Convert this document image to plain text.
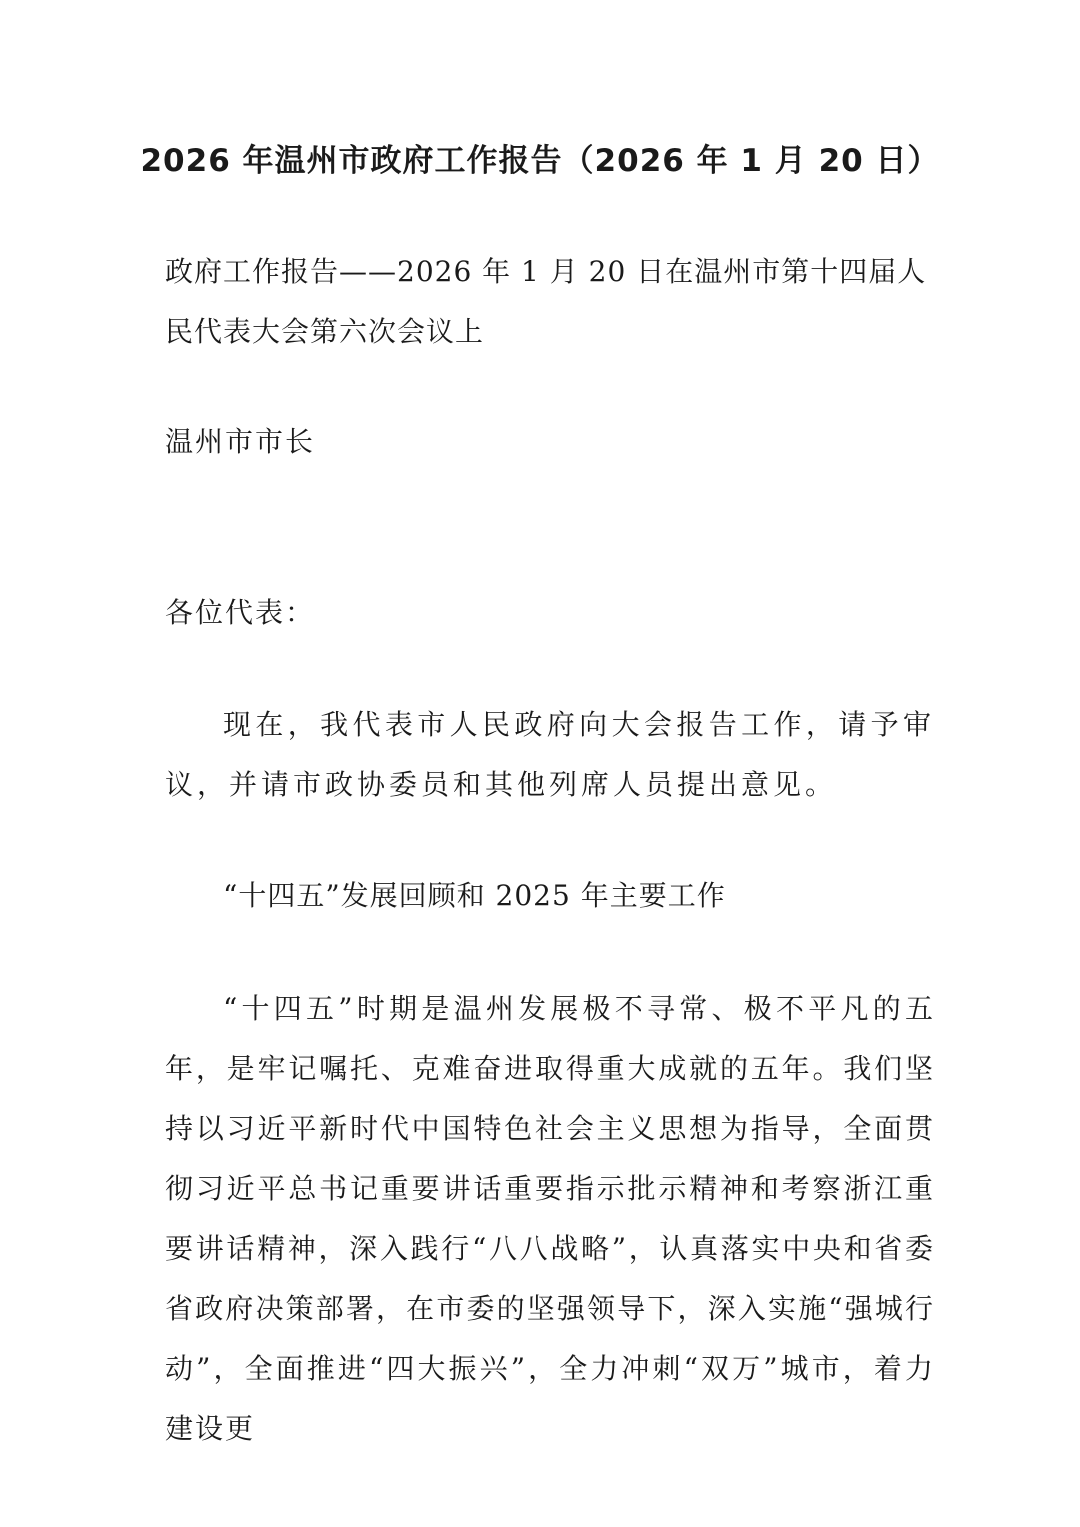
2026 年温州市政府工作报告（2026 年 1 月 20 日）
政府工作报告——2026 年 1 月 20 日在温州市第十四届人民代表大会第六次会议上
温州市市长
各位代表：
现在，我代表市人民政府向大会报告工作，请予审议，并请市政协委员和其他列席人员提出意见。
“十四五”发展回顾和 2025 年主要工作
“十四五”时期是温州发展极不寻常、极不平凡的五年，是牢记嘱托、克难奋进取得重大成就的五年。我们坚持以习近平新时代中国特色社会主义思想为指导，全面贯彻习近平总书记重要讲话重要指示批示精神和考察浙江重要讲话精神，深入践行“八八战略”，认真落实中央和省委省政府决策部署，在市委的坚强领导下，深入实施“强城行动”，全面推进“四大振兴”，全力冲刺“双万”城市，着力建设更
